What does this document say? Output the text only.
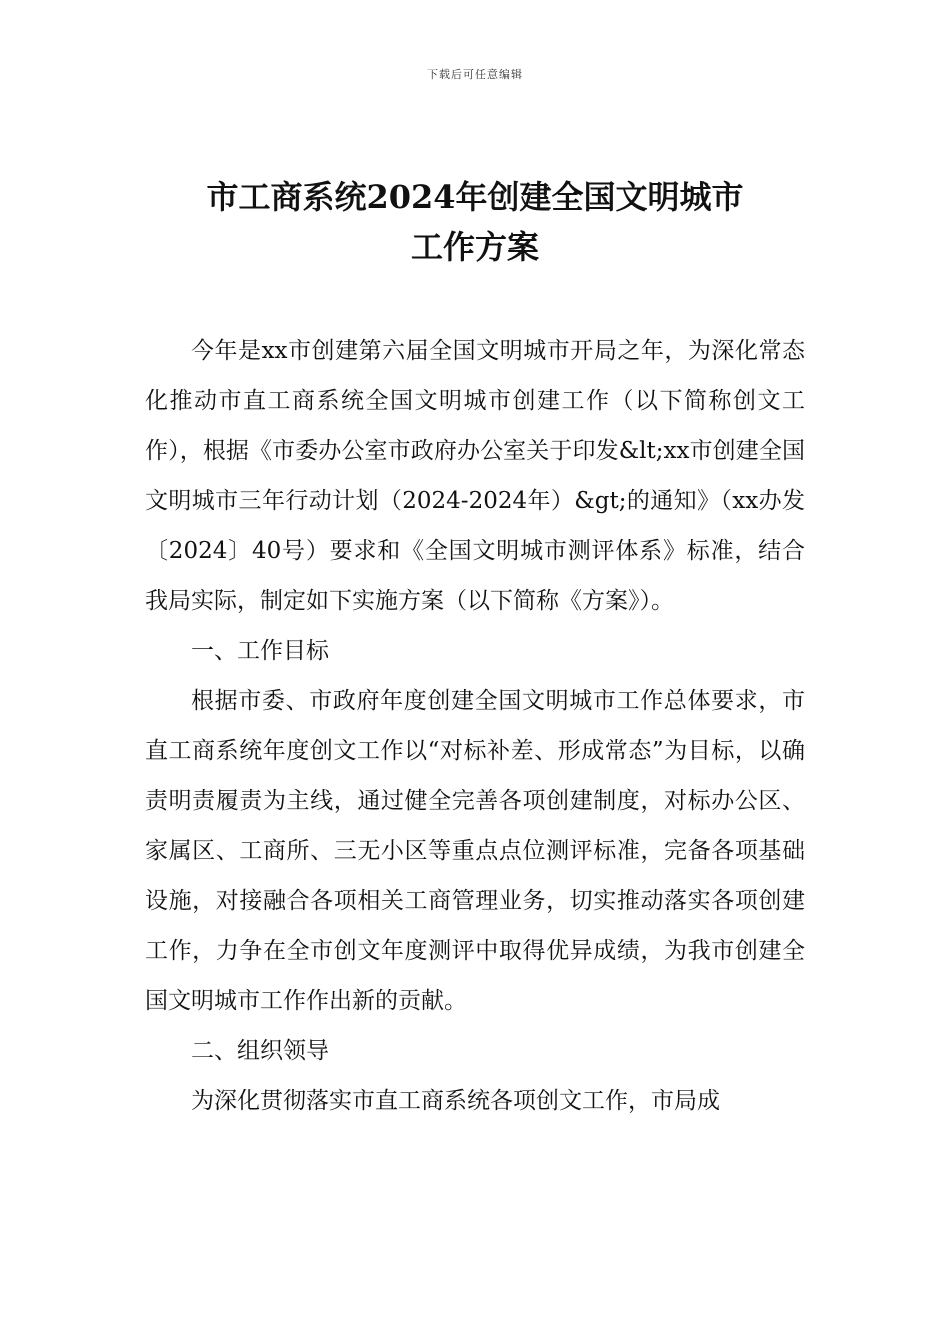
下载后可任意编辑
市工商系统2024年创建全国文明城市
工作方案

今年是xx市创建第六届全国文明城市开局之年，为深化常态化推动市直工商系统全国文明城市创建工作（以下简称创文工作），根据《市委办公室市政府办公室关于印发&lt;xx市创建全国文明城市三年行动计划（2024-2024年）&gt;的通知》（xx办发〔2024〕40号）要求和《全国文明城市测评体系》标准，结合我局实际，制定如下实施方案（以下简称《方案》）。

一、工作目标

根据市委、市政府年度创建全国文明城市工作总体要求，市直工商系统年度创文工作以“对标补差、形成常态”为目标，以确责明责履责为主线，通过健全完善各项创建制度，对标办公区、家属区、工商所、三无小区等重点点位测评标准，完备各项基础设施，对接融合各项相关工商管理业务，切实推动落实各项创建工作，力争在全市创文年度测评中取得优异成绩，为我市创建全国文明城市工作作出新的贡献。

二、组织领导

为深化贯彻落实市直工商系统各项创文工作，市局成
